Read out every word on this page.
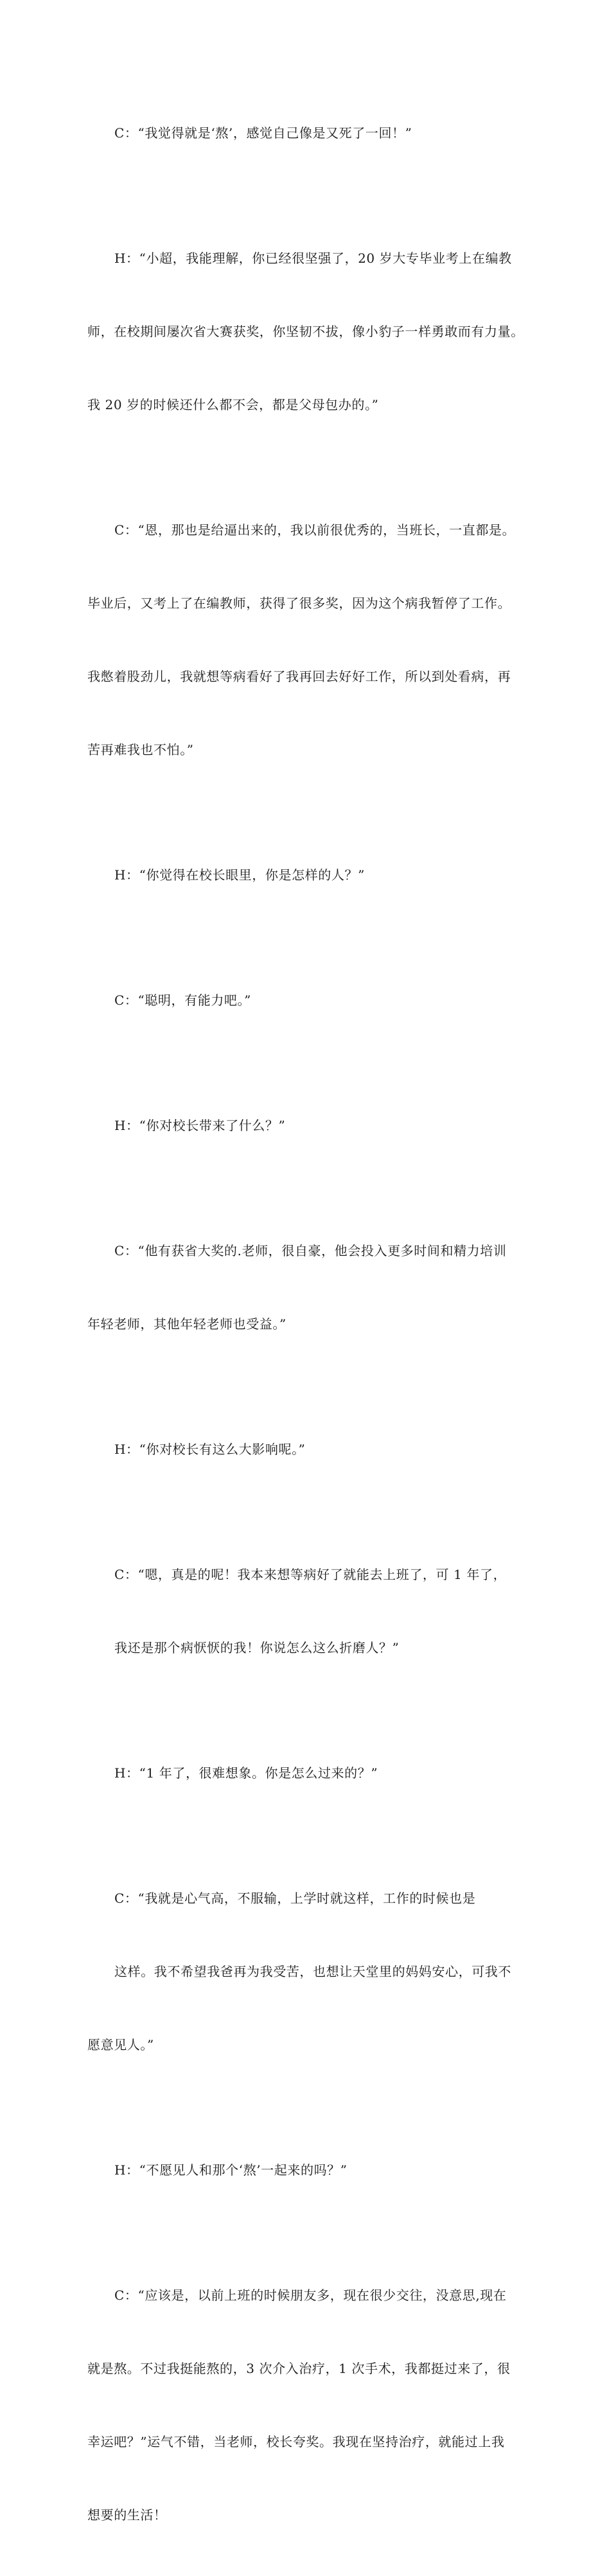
C：“我觉得就是‘熬’，感觉自己像是又死了一回！”

H：“小超，我能理解，你已经很坚强了，20 岁大专毕业考上在编教

师，在校期间屡次省大赛获奖，你坚韧不拔，像小豹子一样勇敢而有力量。

我 20 岁的时候还什么都不会，都是父母包办的。”

C：“恩，那也是给逼出来的，我以前很优秀的，当班长，一直都是。

毕业后，又考上了在编教师，获得了很多奖，因为这个病我暂停了工作。

我憋着股劲儿，我就想等病看好了我再回去好好工作，所以到处看病，再

苦再难我也不怕。”

H：“你觉得在校长眼里，你是怎样的人？”

C：“聪明，有能力吧。”

H：“你对校长带来了什么？”

C：“他有获省大奖的.老师，很自豪，他会投入更多时间和精力培训

年轻老师，其他年轻老师也受益。”

H：“你对校长有这么大影响呢。”

C：“嗯，真是的呢！我本来想等病好了就能去上班了，可 1 年了，

我还是那个病恹恹的我！你说怎么这么折磨人？”

H：“1 年了，很难想象。你是怎么过来的？”

C：“我就是心气高，不服输，上学时就这样，工作的时候也是

这样。我不希望我爸再为我受苦，也想让天堂里的妈妈安心，可我不

愿意见人。”

H：“不愿见人和那个‘熬’一起来的吗？”

C：“应该是，以前上班的时候朋友多，现在很少交往，没意思,现在

就是熬。不过我挺能熬的，3 次介入治疗，1 次手术，我都挺过来了，很

幸运吧？”运气不错，当老师，校长夸奖。我现在坚持治疗，就能过上我

想要的生活！
